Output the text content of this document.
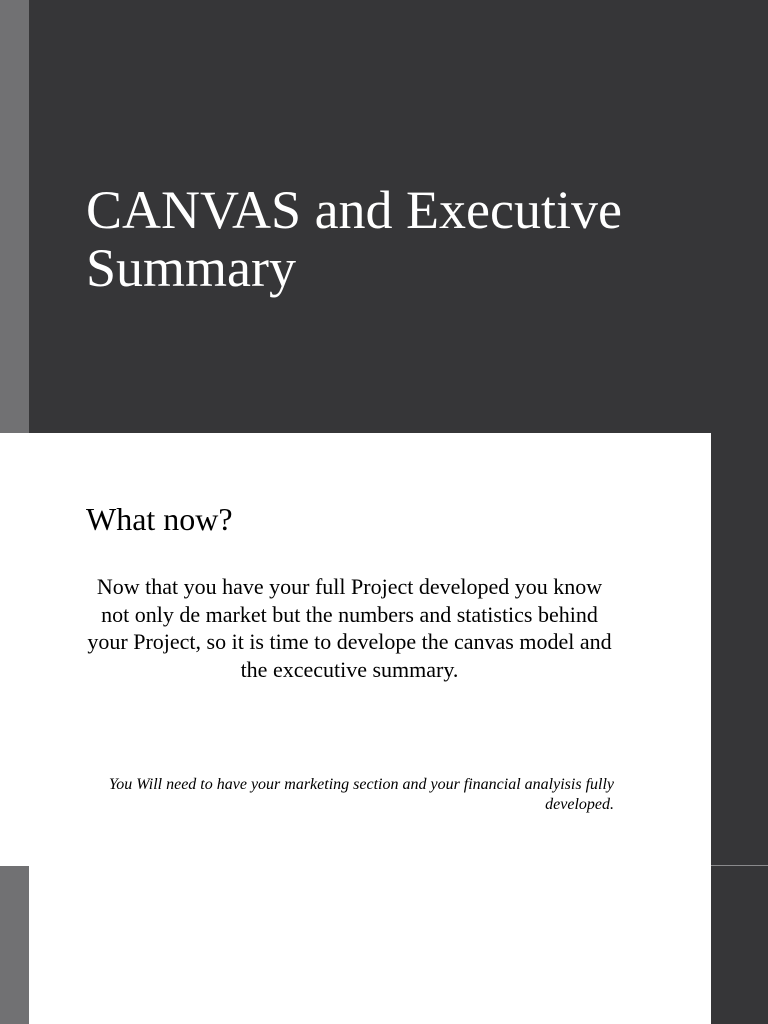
CANVAS and Executive Summary
What now?

Now that you have your full Project developed you know not only de market but the numbers and statistics behind your Project, so it is time to develope the canvas model and the excecutive summary.

You Will need to have your marketing section and your financial analyisis fully developed.
